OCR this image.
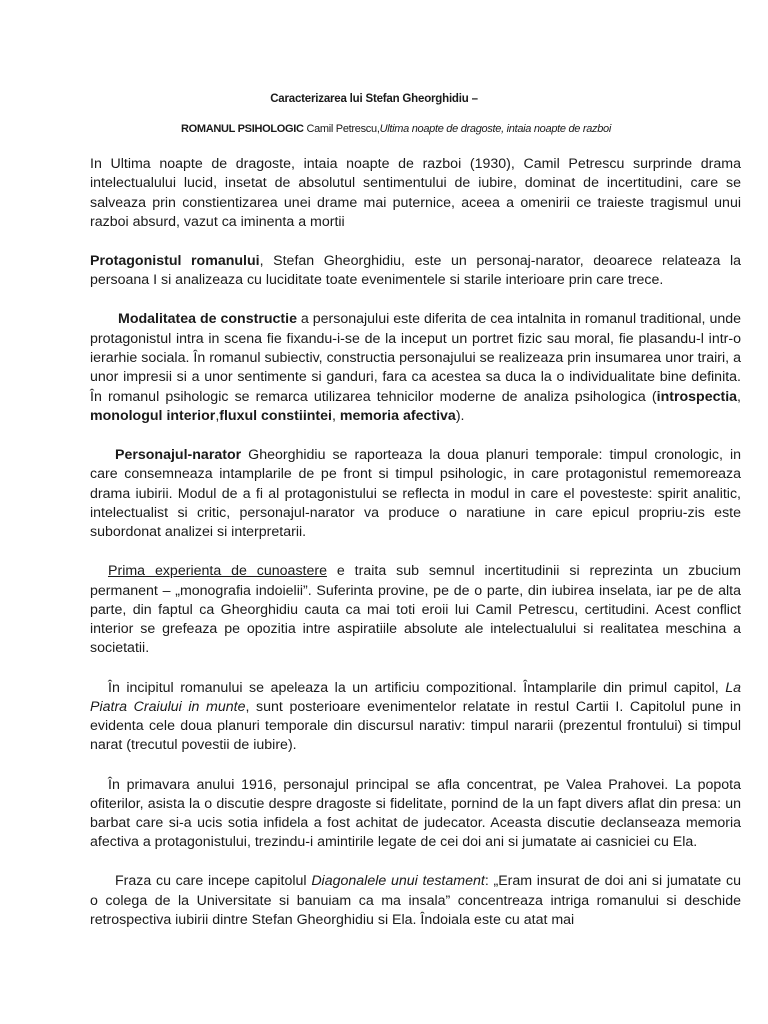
Caracterizarea lui Stefan Gheorghidiu –
ROMANUL PSIHOLOGIC Camil Petrescu,Ultima noapte de dragoste, intaia noapte de razboi

In Ultima noapte de dragoste, intaia noapte de razboi (1930), Camil Petrescu surprinde drama intelectualului lucid, insetat de absolutul sentimentului de iubire, dominat de incertitudini, care se salveaza prin constientizarea unei drame mai puternice, aceea a omenirii ce traieste tragismul unui razboi absurd, vazut ca iminenta a mortii

Protagonistul romanului, Stefan Gheorghidiu, este un personaj-narator, deoarece relateaza la persoana I si analizeaza cu luciditate toate evenimentele si starile interioare prin care trece.

Modalitatea de constructie a personajului este diferita de cea intalnita in romanul traditional, unde protagonistul intra in scena fie fixandu-i-se de la inceput un portret fizic sau moral, fie plasandu-l intr-o ierarhie sociala. În romanul subiectiv, constructia personajului se realizeaza prin insumarea unor trairi, a unor impresii si a unor sentimente si ganduri, fara ca acestea sa duca la o individualitate bine definita. În romanul psihologic se remarca utilizarea tehnicilor moderne de analiza psihologica (introspectia, monologul interior,fluxul constiintei, memoria afectiva).

Personajul-narator Gheorghidiu se raporteaza la doua planuri temporale: timpul cronologic, in care consemneaza intamplarile de pe front si timpul psihologic, in care protagonistul rememoreaza drama iubirii. Modul de a fi al protagonistului se reflecta in modul in care el povesteste: spirit analitic, intelectualist si critic, personajul-narator va produce o naratiune in care epicul propriu-zis este subordonat analizei si interpretarii.

Prima experienta de cunoastere e traita sub semnul incertitudinii si reprezinta un zbucium permanent – „monografia indoielii”. Suferinta provine, pe de o parte, din iubirea inselata, iar pe de alta parte, din faptul ca Gheorghidiu cauta ca mai toti eroii lui Camil Petrescu, certitudini. Acest conflict interior se grefeaza pe opozitia intre aspiratiile absolute ale intelectualului si realitatea meschina a societatii.

În incipitul romanului se apeleaza la un artificiu compozitional. Întamplarile din primul capitol, La Piatra Craiului in munte, sunt posterioare evenimentelor relatate in restul Cartii I. Capitolul pune in evidenta cele doua planuri temporale din discursul narativ: timpul nararii (prezentul frontului) si timpul narat (trecutul povestii de iubire).

În primavara anului 1916, personajul principal se afla concentrat, pe Valea Prahovei. La popota ofiterilor, asista la o discutie despre dragoste si fidelitate, pornind de la un fapt divers aflat din presa: un barbat care si-a ucis sotia infidela a fost achitat de judecator. Aceasta discutie declanseaza memoria afectiva a protagonistului, trezindu-i amintirile legate de cei doi ani si jumatate ai casniciei cu Ela.

Fraza cu care incepe capitolul Diagonalele unui testament: „Eram insurat de doi ani si jumatate cu o colega de la Universitate si banuiam ca ma insala” concentreaza intriga romanului si deschide retrospectiva iubirii dintre Stefan Gheorghidiu si Ela. Îndoiala este cu atat mai
